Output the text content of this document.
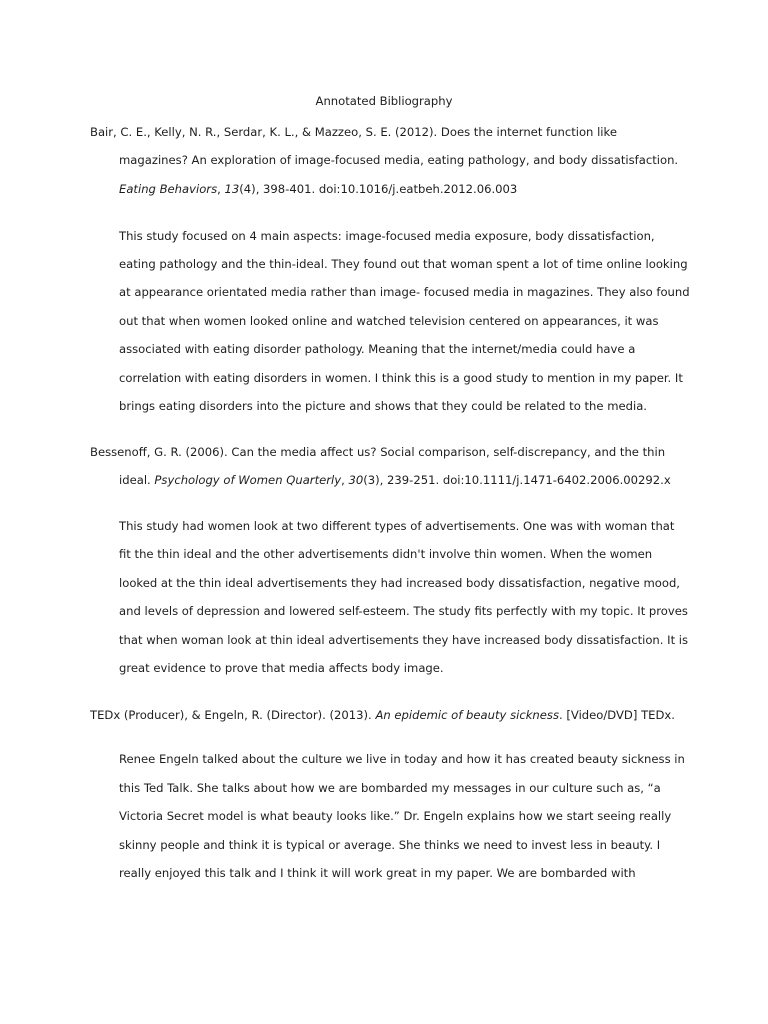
Annotated Bibliography
Bair, C. E., Kelly, N. R., Serdar, K. L., & Mazzeo, S. E. (2012). Does the internet function like
magazines? An exploration of image-focused media, eating pathology, and body dissatisfaction.
Eating Behaviors, 13(4), 398-401. doi:10.1016/j.eatbeh.2012.06.003
This study focused on 4 main aspects: image-focused media exposure, body dissatisfaction,
eating pathology and the thin-ideal. They found out that woman spent a lot of time online looking
at appearance orientated media rather than image- focused media in magazines. They also found
out that when women looked online and watched television centered on appearances, it was
associated with eating disorder pathology. Meaning that the internet/media could have a
correlation with eating disorders in women. I think this is a good study to mention in my paper. It
brings eating disorders into the picture and shows that they could be related to the media.
Bessenoff, G. R. (2006). Can the media affect us? Social comparison, self-discrepancy, and the thin
ideal. Psychology of Women Quarterly, 30(3), 239-251. doi:10.1111/j.1471-6402.2006.00292.x
This study had women look at two different types of advertisements. One was with woman that
fit the thin ideal and the other advertisements didn't involve thin women. When the women
looked at the thin ideal advertisements they had increased body dissatisfaction, negative mood,
and levels of depression and lowered self-esteem. The study fits perfectly with my topic. It proves
that when woman look at thin ideal advertisements they have increased body dissatisfaction. It is
great evidence to prove that media affects body image.
TEDx (Producer), & Engeln, R. (Director). (2013). An epidemic of beauty sickness. [Video/DVD] TEDx.
Renee Engeln talked about the culture we live in today and how it has created beauty sickness in
this Ted Talk. She talks about how we are bombarded my messages in our culture such as, “a
Victoria Secret model is what beauty looks like.” Dr. Engeln explains how we start seeing really
skinny people and think it is typical or average. She thinks we need to invest less in beauty. I
really enjoyed this talk and I think it will work great in my paper. We are bombarded with
